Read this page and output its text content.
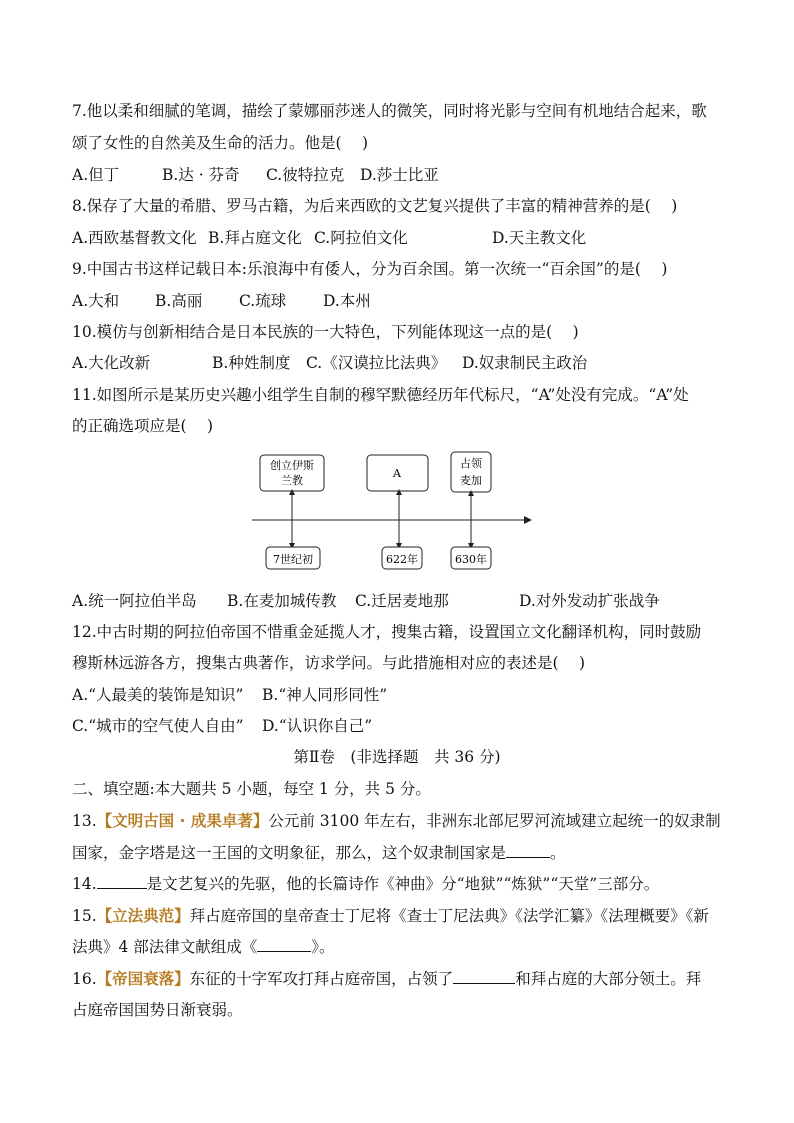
7.他以柔和细腻的笔调，描绘了蒙娜丽莎迷人的微笑，同时将光影与空间有机地结合起来，歌
颂了女性的自然美及生命的活力。他是(　 )
A.但丁	B.达 · 芬奇 C.彼特拉克 D.莎士比亚
8.保存了大量的希腊、罗马古籍，为后来西欧的文艺复兴提供了丰富的精神营养的是(　 )
A.西欧基督教文化 B.拜占庭文化 C.阿拉伯文化	D.天主教文化
9.中国古书这样记载日本:乐浪海中有倭人，分为百余国。第一次统一“百余国”的是(　 )
A.大和 B.高丽 C.琉球 D.本州
10.模仿与创新相结合是日本民族的一大特色，下列能体现这一点的是(　 )
A.大化改新	B.种姓制度 C.《汉谟拉比法典》 D.奴隶制民主政治
11.如图所示是某历史兴趣小组学生自制的穆罕默德经历年代标尺，“A”处没有完成。“A”处
的正确选项应是(　 )
创立伊斯
兰教
7世纪初
A
622年
占领
麦加
630年
A.统一阿拉伯半岛 B.在麦加城传教 C.迁居麦地那	D.对外发动扩张战争
12.中古时期的阿拉伯帝国不惜重金延揽人才，搜集古籍，设置国立文化翻译机构，同时鼓励
穆斯林远游各方，搜集古典著作，访求学问。与此措施相对应的表述是(　 )
A.“人最美的装饰是知识” B.“神人同形同性”
C.“城市的空气使人自由” D.“认识你自己”
第Ⅱ卷　(非选择题　共 36 分)
二、填空题:本大题共 5 小题，每空 1 分，共 5 分。
13.【文明古国 · 成果卓著】公元前 3100 年左右，非洲东北部尼罗河流域建立起统一的奴隶制
国家，金字塔是这一王国的文明象征，那么，这个奴隶制国家是	。
14.	是文艺复兴的先驱，他的长篇诗作《神曲》分“地狱”“炼狱”“天堂”三部分。
15.【立法典范】拜占庭帝国的皇帝查士丁尼将《查士丁尼法典》《法学汇纂》《法理概要》《新
法典》4 部法律文献组成《	》。
16.【帝国衰落】东征的十字军攻打拜占庭帝国，占领了	和拜占庭的大部分领土。拜
占庭帝国国势日渐衰弱。
